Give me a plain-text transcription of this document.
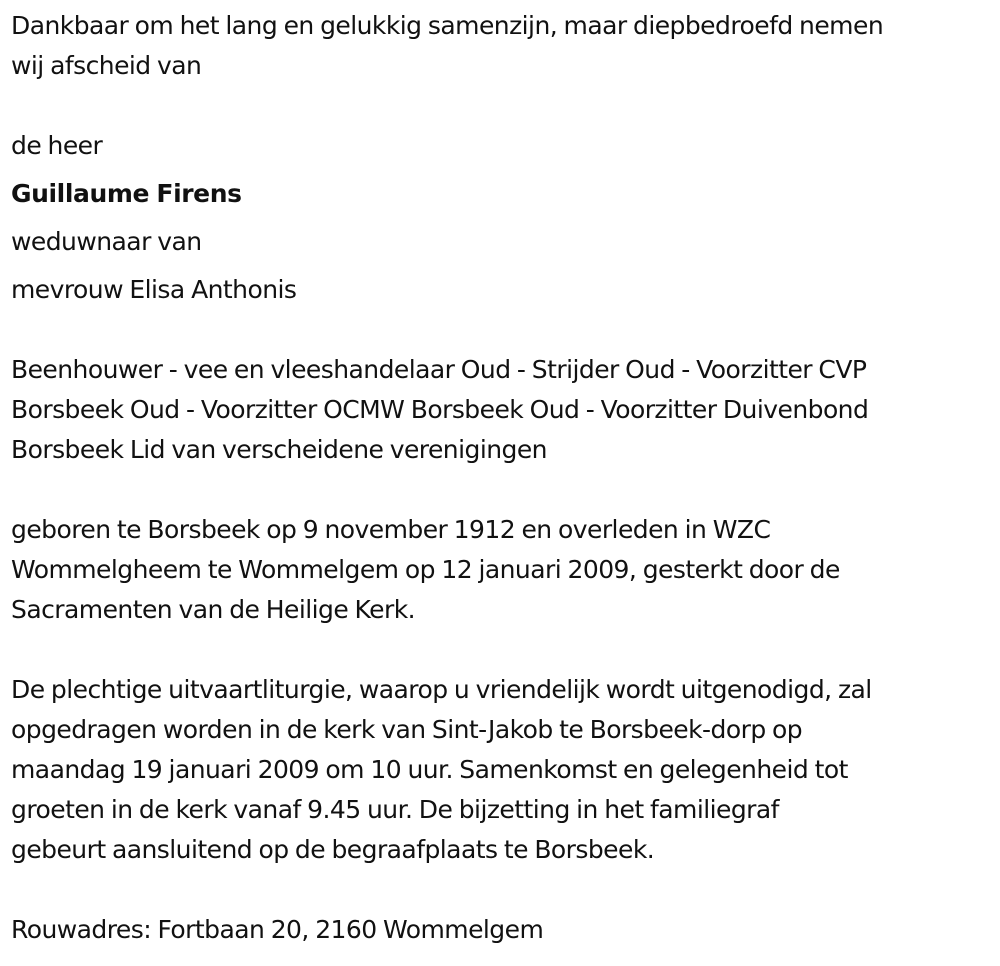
Dankbaar om het lang en gelukkig samenzijn, maar diepbedroefd nemen

wij afscheid van

de heer

Guillaume Firens

weduwnaar van

mevrouw Elisa Anthonis

Beenhouwer - vee en vleeshandelaar Oud - Strijder Oud - Voorzitter CVP

Borsbeek Oud - Voorzitter OCMW Borsbeek Oud - Voorzitter Duivenbond

Borsbeek Lid van verscheidene verenigingen

geboren te Borsbeek op 9 november 1912 en overleden in WZC

Wommelgheem te Wommelgem op 12 januari 2009, gesterkt door de

Sacramenten van de Heilige Kerk.

De plechtige uitvaartliturgie, waarop u vriendelijk wordt uitgenodigd, zal

opgedragen worden in de kerk van Sint-Jakob te Borsbeek-dorp op

maandag 19 januari 2009 om 10 uur. Samenkomst en gelegenheid tot

groeten in de kerk vanaf 9.45 uur. De bijzetting in het familiegraf

gebeurt aansluitend op de begraafplaats te Borsbeek.

Rouwadres: Fortbaan 20, 2160 Wommelgem
